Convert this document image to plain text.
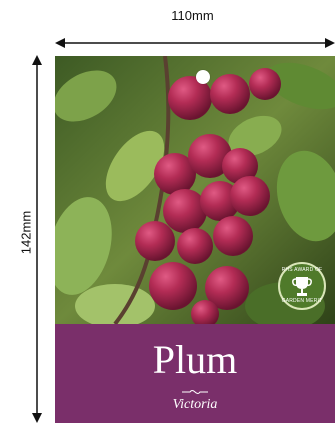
110mm
142mm
RHS AWARD OF
GARDEN MERIT
Plum
Victoria
